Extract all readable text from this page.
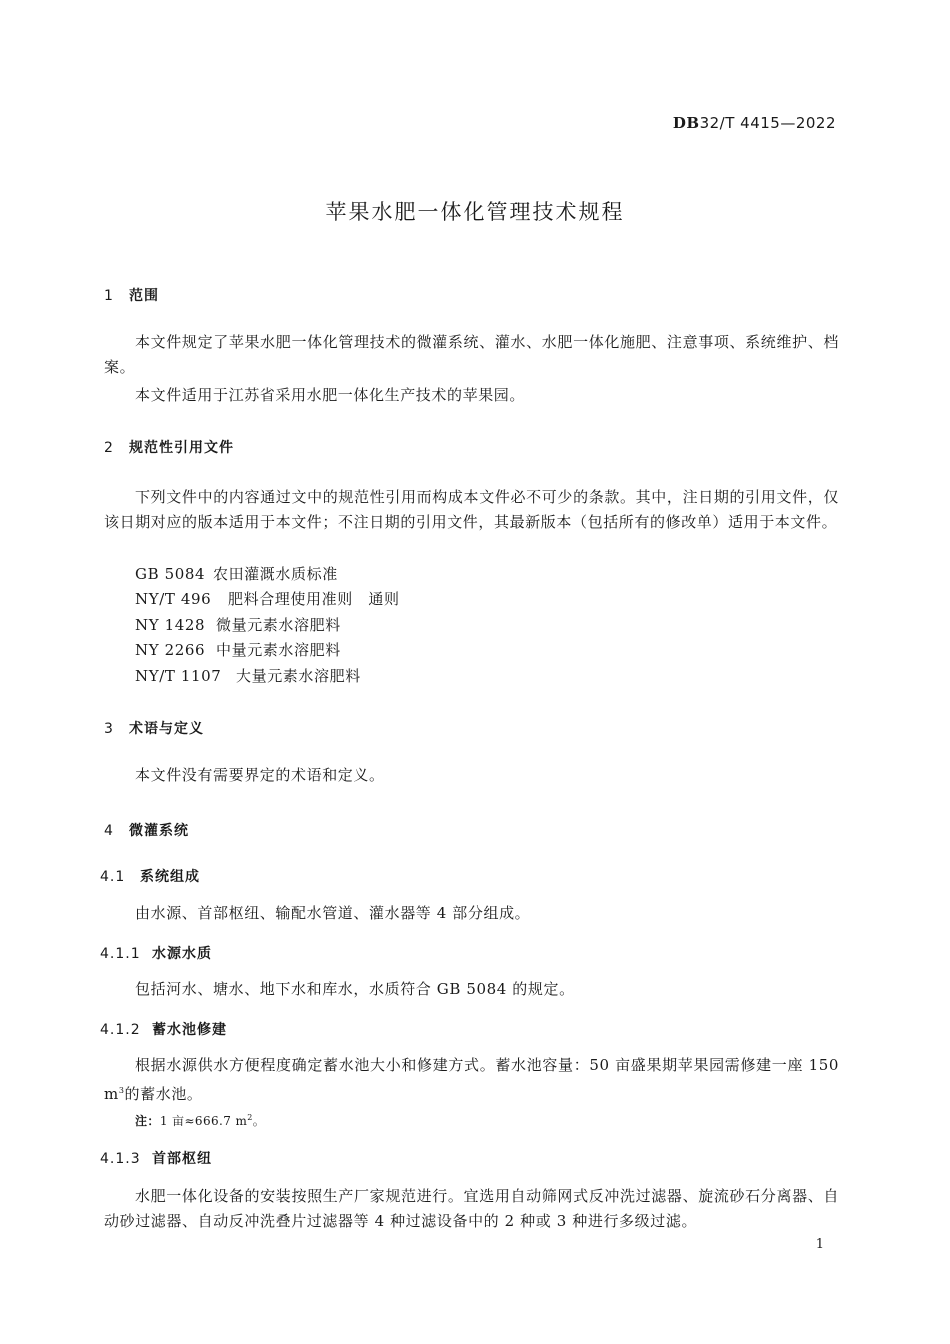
DB32/T 4415—2022
苹果水肥一体化管理技术规程
1 范围
本文件规定了苹果水肥一体化管理技术的微灌系统、灌水、水肥一体化施肥、注意事项、系统维护、档案。
本文件适用于江苏省采用水肥一体化生产技术的苹果园。
2 规范性引用文件
下列文件中的内容通过文中的规范性引用而构成本文件必不可少的条款。其中，注日期的引用文件，仅该日期对应的版本适用于本文件；不注日期的引用文件，其最新版本（包括所有的修改单）适用于本文件。
GB 5084 农田灌溉水质标准
NY/T 496 肥料合理使用准则　通则
NY 1428 微量元素水溶肥料
NY 2266 中量元素水溶肥料
NY/T 1107 大量元素水溶肥料
3 术语与定义
本文件没有需要界定的术语和定义。
4 微灌系统
4.1 系统组成
由水源、首部枢纽、输配水管道、灌水器等 4 部分组成。
4.1.1 水源水质
包括河水、塘水、地下水和库水，水质符合 GB 5084 的规定。
4.1.2 蓄水池修建
根据水源供水方便程度确定蓄水池大小和修建方式。蓄水池容量：50 亩盛果期苹果园需修建一座 150 $m^3$的蓄水池。
注：1 亩≈666.7 $m^2$。
4.1.3 首部枢纽
水肥一体化设备的安装按照生产厂家规范进行。宜选用自动筛网式反冲洗过滤器、旋流砂石分离器、自动砂过滤器、自动反冲洗叠片过滤器等 4 种过滤设备中的 2 种或 3 种进行多级过滤。
1
